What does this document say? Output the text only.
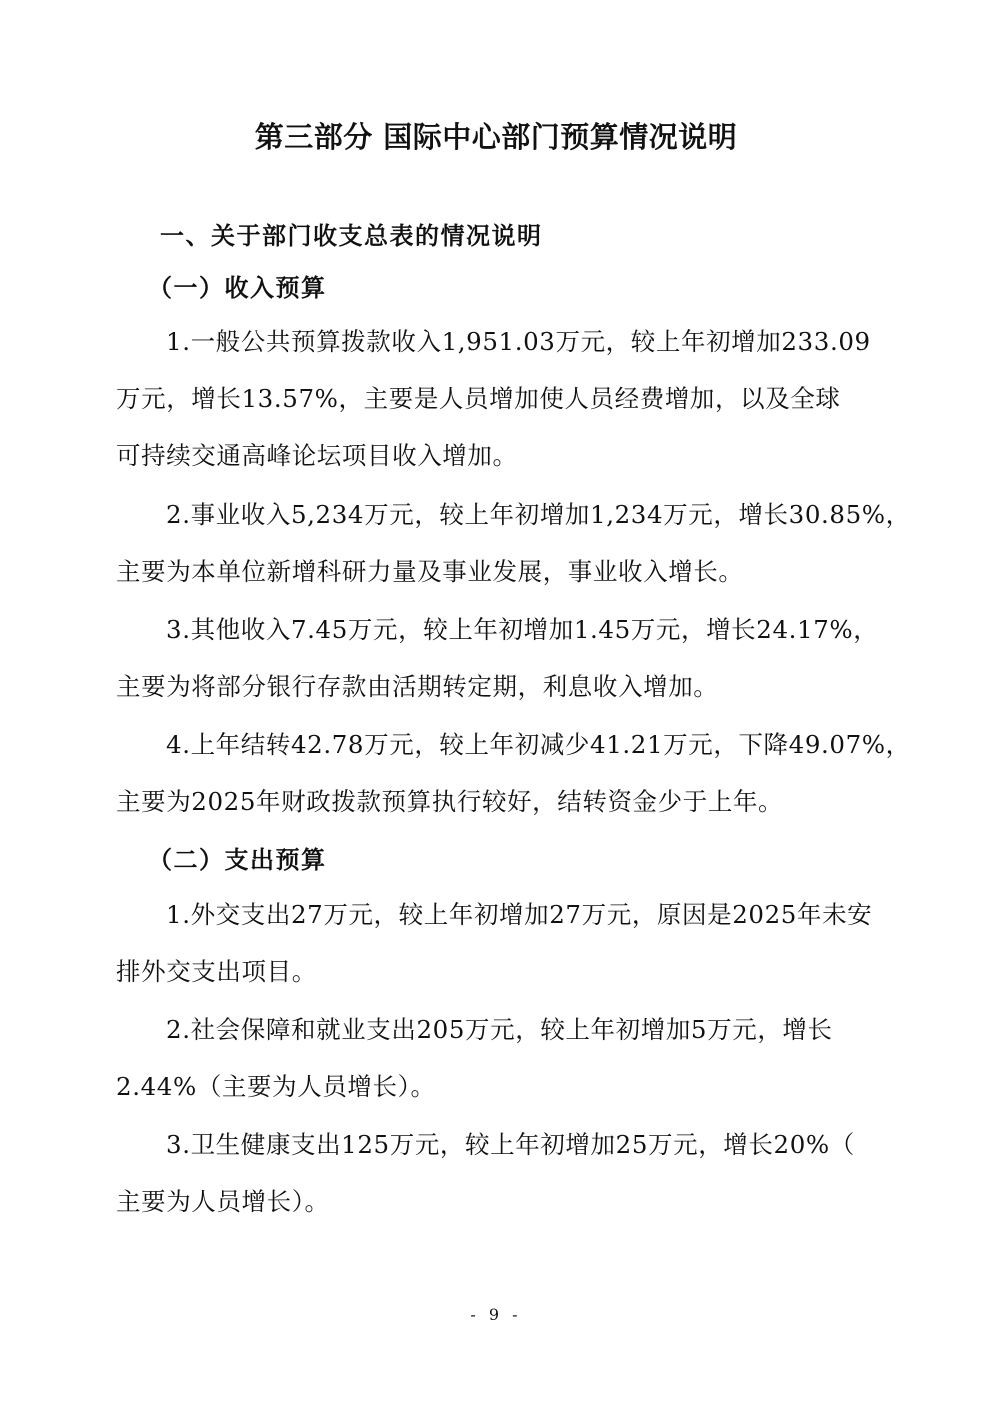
第三部分 国际中心部门预算情况说明
一、关于部门收支总表的情况说明
（一）收入预算
1.一般公共预算拨款收入1,951.03万元，较上年初增加233.09
万元，增长13.57%，主要是人员增加使人员经费增加，以及全球
可持续交通高峰论坛项目收入增加。
2.事业收入5,234万元，较上年初增加1,234万元，增长30.85%，
主要为本单位新增科研力量及事业发展，事业收入增长。
3.其他收入7.45万元，较上年初增加1.45万元，增长24.17%，
主要为将部分银行存款由活期转定期，利息收入增加。
4.上年结转42.78万元，较上年初减少41.21万元，下降49.07%，
主要为2025年财政拨款预算执行较好，结转资金少于上年。
（二）支出预算
1.外交支出27万元，较上年初增加27万元，原因是2025年未安
排外交支出项目。
2.社会保障和就业支出205万元，较上年初增加5万元，增长
2.44%（主要为人员增长）。
3.卫生健康支出125万元，较上年初增加25万元，增长20%（
主要为人员增长）。
- 9 -
